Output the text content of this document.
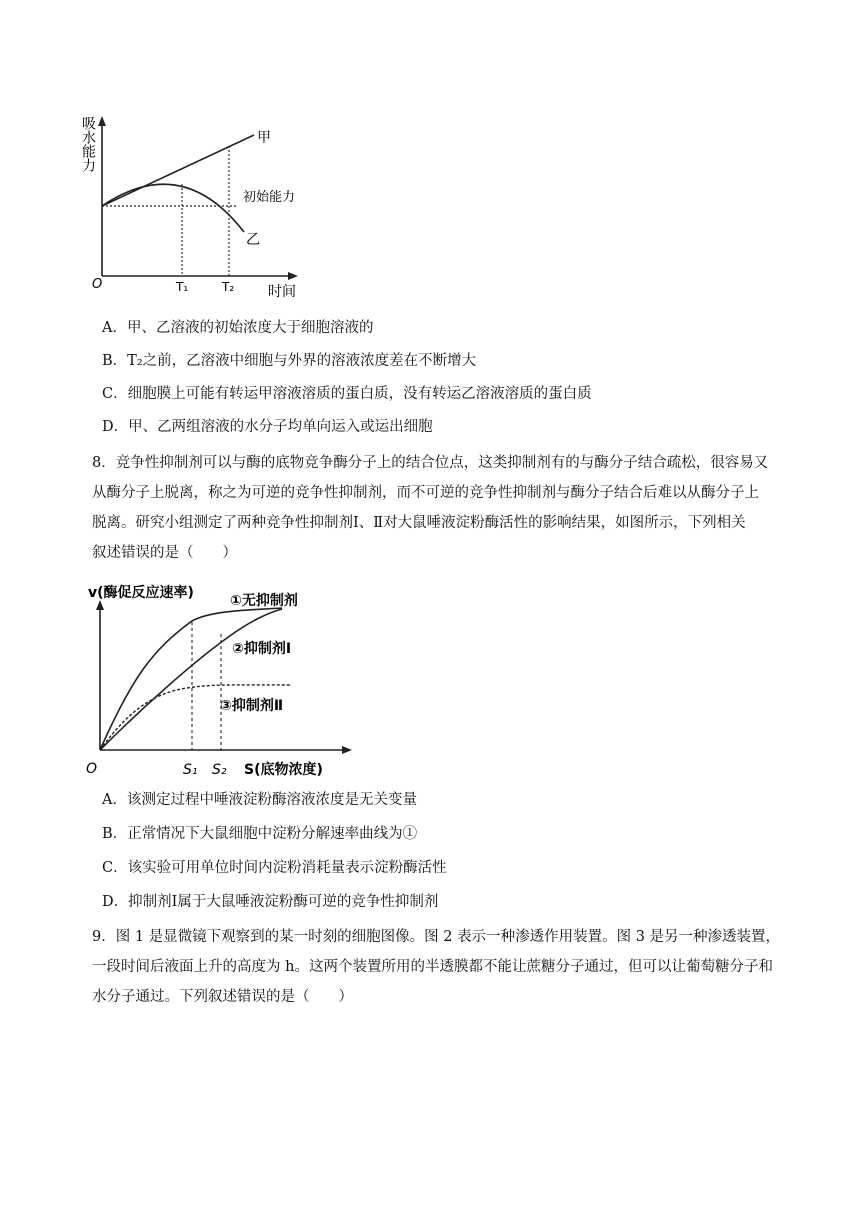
吸水能力
O	T₁	T₂ 时间
甲
初始能力
乙
A．甲、乙溶液的初始浓度大于细胞溶液的
B．T₂之前，乙溶液中细胞与外界的溶液浓度差在不断增大
C．细胞膜上可能有转运甲溶液溶质的蛋白质，没有转运乙溶液溶质的蛋白质
D．甲、乙两组溶液的水分子均单向运入或运出细胞
8．竞争性抑制剂可以与酶的底物竞争酶分子上的结合位点，这类抑制剂有的与酶分子结合疏松，很容易又
从酶分子上脱离，称之为可逆的竞争性抑制剂，而不可逆的竞争性抑制剂与酶分子结合后难以从酶分子上
脱离。研究小组测定了两种竞争性抑制剂Ⅰ、Ⅱ对大鼠唾液淀粉酶活性的影响结果，如图所示，下列相关
叙述错误的是（　　）
v(酶促反应速率)
O	S₁ S₂ S(底物浓度)
①无抑制剂
②抑制剂Ⅰ
③抑制剂Ⅱ
A．该测定过程中唾液淀粉酶溶液浓度是无关变量
B．正常情况下大鼠细胞中淀粉分解速率曲线为①
C．该实验可用单位时间内淀粉消耗量表示淀粉酶活性
D．抑制剂Ⅰ属于大鼠唾液淀粉酶可逆的竞争性抑制剂
9．图 1 是显微镜下观察到的某一时刻的细胞图像。图 2 表示一种渗透作用装置。图 3 是另一种渗透装置，
一段时间后液面上升的高度为 h。这两个装置所用的半透膜都不能让蔗糖分子通过，但可以让葡萄糖分子和
水分子通过。下列叙述错误的是（　　）
